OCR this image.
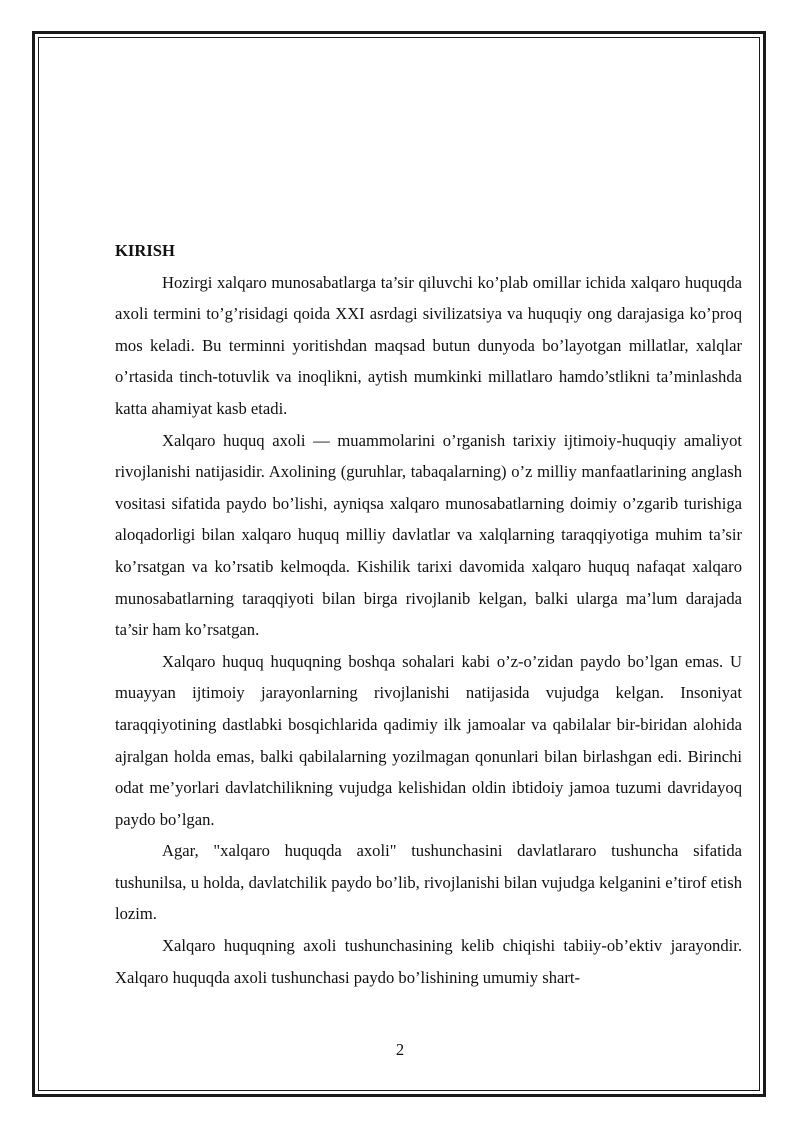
KIRISH

Hozirgi xalqaro munosabatlarga ta’sir qiluvchi ko’plab omillar ichida xalqaro huquqda axoli termini to’g’risidagi qoida XXI asrdagi sivilizatsiya va huquqiy ong darajasiga ko’proq mos keladi. Bu terminni yoritishdan maqsad butun dunyoda bo’layotgan millatlar, xalqlar o’rtasida tinch-totuvlik va inoqlikni, aytish mumkinki millatlaro hamdo’stlikni ta’minlashda katta ahamiyat kasb etadi.

Xalqaro huquq axoli — muammolarini o’rganish tarixiy ijtimoiy-huquqiy amaliyot rivojlanishi natijasidir. Axolining (guruhlar, tabaqalarning) o’z milliy manfaatlarining anglash vositasi sifatida paydo bo’lishi, ayniqsa xalqaro munosabatlarning doimiy o’zgarib turishiga aloqadorligi bilan xalqaro huquq milliy davlatlar va xalqlarning taraqqiyotiga muhim ta’sir ko’rsatgan va ko’rsatib kelmoqda. Kishilik tarixi davomida xalqaro huquq nafaqat xalqaro munosabatlarning taraqqiyoti bilan birga rivojlanib kelgan, balki ularga ma’lum darajada ta’sir ham ko’rsatgan.

Xalqaro huquq huquqning boshqa sohalari kabi o’z-o’zidan paydo bo’lgan emas. U muayyan ijtimoiy jarayonlarning rivojlanishi natijasida vujudga kelgan. Insoniyat taraqqiyotining dastlabki bosqichlarida qadimiy ilk jamoalar va qabilalar bir-biridan alohida ajralgan holda emas, balki qabilalarning yozilmagan qonunlari bilan birlashgan edi. Birinchi odat me’yorlari davlatchilikning vujudga kelishidan oldin ibtidoiy jamoa tuzumi davridayoq paydo bo’lgan.

Agar, "xalqaro huquqda axoli" tushunchasini davlatlararo tushuncha sifatida tushunilsa, u holda, davlatchilik paydo bo’lib, rivojlanishi bilan vujudga kelganini e’tirof etish lozim.

Xalqaro huquqning axoli tushunchasining kelib chiqishi tabiiy-ob’ektiv jarayondir. Xalqaro huquqda axoli tushunchasi paydo bo’lishining umumiy shart-

2
